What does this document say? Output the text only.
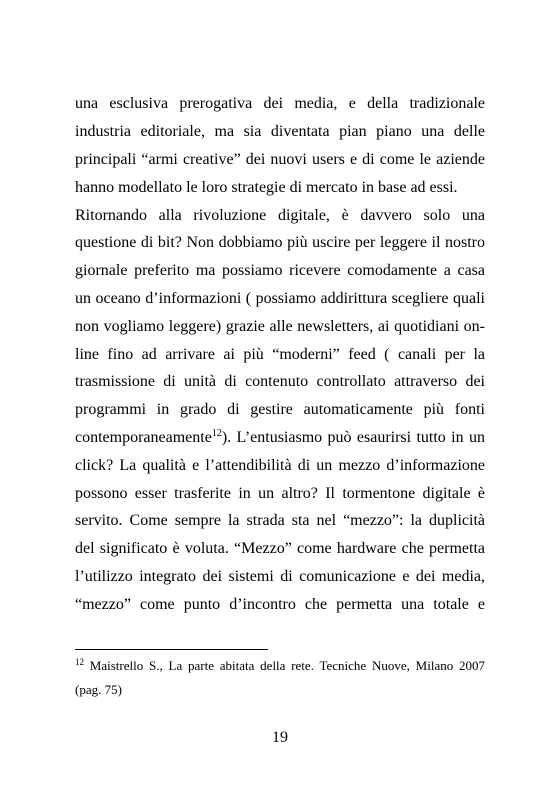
una esclusiva prerogativa dei media, e della tradizionale
industria editoriale, ma sia diventata pian piano una delle
principali “armi creative” dei nuovi users e di come le aziende
hanno modellato le loro strategie di mercato in base ad essi.
Ritornando alla rivoluzione digitale, è davvero solo una
questione di bit? Non dobbiamo più uscire per leggere il nostro
giornale preferito ma possiamo ricevere comodamente a casa
un oceano d’informazioni ( possiamo addirittura scegliere quali
non vogliamo leggere) grazie alle newsletters, ai quotidiani on-
line fino ad arrivare ai più “moderni” feed ( canali per la
trasmissione di unità di contenuto controllato attraverso dei
programmi in grado di gestire automaticamente più fonti
contemporaneamente$^{12}$). L’entusiasmo può esaurirsi tutto in un
click? La qualità e l’attendibilità di un mezzo d’informazione
possono esser trasferite in un altro? Il tormentone digitale è
servito. Come sempre la strada sta nel “mezzo”: la duplicità
del significato è voluta. “Mezzo” come hardware che permetta
l’utilizzo integrato dei sistemi di comunicazione e dei media,
“mezzo” come punto d’incontro che permetta una totale e
$^{12}$ Maistrello S., La parte abitata della rete. Tecniche Nuove, Milano 2007
(pag. 75)
19
